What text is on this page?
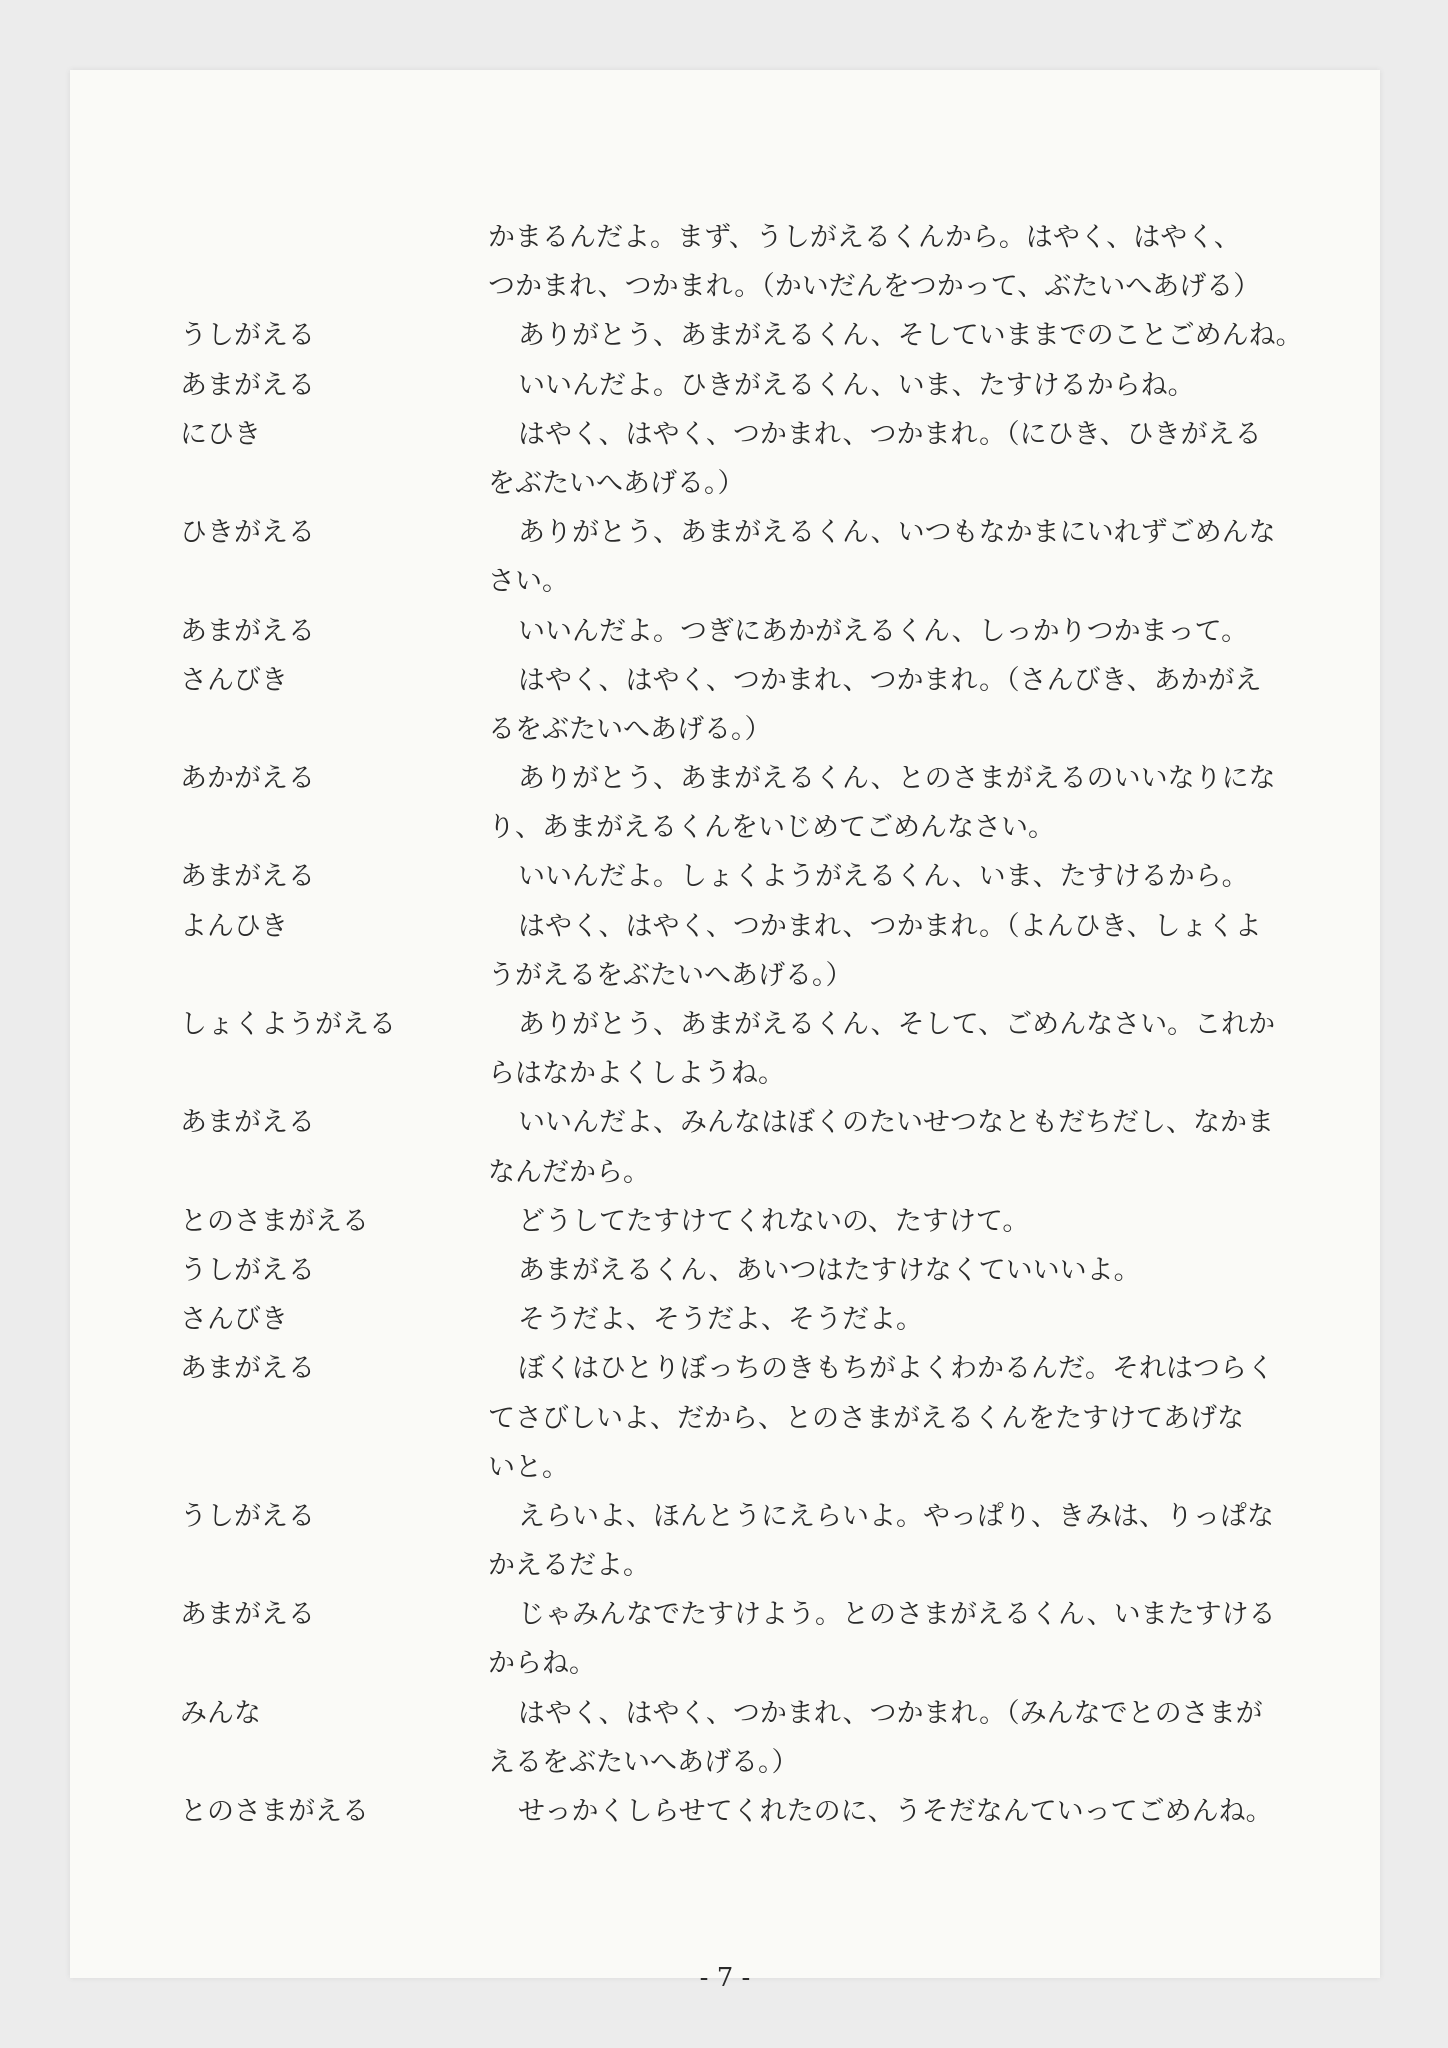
かまるんだよ。まず、うしがえるくんから。はやく、はやく、
つかまれ、つかまれ。（かいだんをつかって、ぶたいへあげる）
うしがえる	ありがとう、あまがえるくん、そしていままでのことごめんね。
あまがえる	いいんだよ。ひきがえるくん、いま、たすけるからね。
にひき	はやく、はやく、つかまれ、つかまれ。（にひき、ひきがえる
をぶたいへあげる。）
ひきがえる	ありがとう、あまがえるくん、いつもなかまにいれずごめんな
さい。
あまがえる	いいんだよ。つぎにあかがえるくん、しっかりつかまって。
さんびき	はやく、はやく、つかまれ、つかまれ。（さんびき、あかがえ
るをぶたいへあげる。）
あかがえる	ありがとう、あまがえるくん、とのさまがえるのいいなりにな
り、あまがえるくんをいじめてごめんなさい。
あまがえる	いいんだよ。しょくようがえるくん、いま、たすけるから。
よんひき	はやく、はやく、つかまれ、つかまれ。（よんひき、しょくよ
うがえるをぶたいへあげる。）
しょくようがえる	ありがとう、あまがえるくん、そして、ごめんなさい。これか
らはなかよくしようね。
あまがえる	いいんだよ、みんなはぼくのたいせつなともだちだし、なかま
なんだから。
とのさまがえる	どうしてたすけてくれないの、たすけて。
うしがえる	あまがえるくん、あいつはたすけなくていいいよ。
さんびき	そうだよ、そうだよ、そうだよ。
あまがえる	ぼくはひとりぼっちのきもちがよくわかるんだ。それはつらく
てさびしいよ、だから、とのさまがえるくんをたすけてあげな
いと。
うしがえる	えらいよ、ほんとうにえらいよ。やっぱり、きみは、りっぱな
かえるだよ。
あまがえる	じゃみんなでたすけよう。とのさまがえるくん、いまたすける
からね。
みんな	はやく、はやく、つかまれ、つかまれ。（みんなでとのさまが
えるをぶたいへあげる。）
とのさまがえる	せっかくしらせてくれたのに、うそだなんていってごめんね。
- 7 -
